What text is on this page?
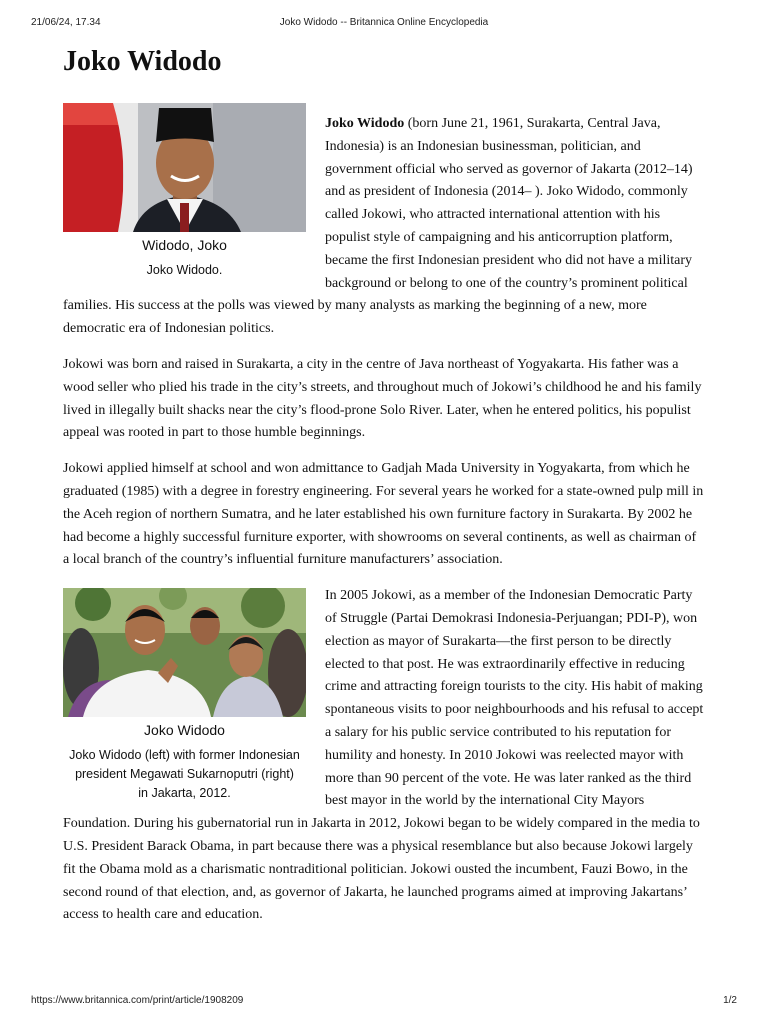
21/06/24, 17.34	Joko Widodo -- Britannica Online Encyclopedia
Joko Widodo
Widodo, Joko
Joko Widodo.

Joko Widodo (born June 21, 1961, Surakarta, Central Java, Indonesia) is an Indonesian businessman, politician, and government official who served as governor of Jakarta (2012–14) and as president of Indonesia (2014– ). Joko Widodo, commonly called Jokowi, who attracted international attention with his populist style of campaigning and his anticorruption platform, became the first Indonesian president who did not have a military background or belong to one of the country’s prominent political families. His success at the polls was viewed by many analysts as marking the beginning of a new, more democratic era of Indonesian politics.

Jokowi was born and raised in Surakarta, a city in the centre of Java northeast of Yogyakarta. His father was a wood seller who plied his trade in the city’s streets, and throughout much of Jokowi’s childhood he and his family lived in illegally built shacks near the city’s flood-prone Solo River. Later, when he entered politics, his populist appeal was rooted in part to those humble beginnings.

Jokowi applied himself at school and won admittance to Gadjah Mada University in Yogyakarta, from which he graduated (1985) with a degree in forestry engineering. For several years he worked for a state-owned pulp mill in the Aceh region of northern Sumatra, and he later established his own furniture factory in Surakarta. By 2002 he had become a highly successful furniture exporter, with showrooms on several continents, as well as chairman of a local branch of the country’s influential furniture manufacturers’ association.

Joko Widodo
Joko Widodo (left) with former Indonesian president Megawati Sukarnoputri (right) in Jakarta, 2012.

In 2005 Jokowi, as a member of the Indonesian Democratic Party of Struggle (Partai Demokrasi Indonesia-Perjuangan; PDI-P), won election as mayor of Surakarta—the first person to be directly elected to that post. He was extraordinarily effective in reducing crime and attracting foreign tourists to the city. His habit of making spontaneous visits to poor neighbourhoods and his refusal to accept a salary for his public service contributed to his reputation for humility and honesty. In 2010 Jokowi was reelected mayor with more than 90 percent of the vote. He was later ranked as the third best mayor in the world by the international City Mayors Foundation. During his gubernatorial run in Jakarta in 2012, Jokowi began to be widely compared in the media to U.S. President Barack Obama, in part because there was a physical resemblance but also because Jokowi largely fit the Obama mold as a charismatic nontraditional politician. Jokowi ousted the incumbent, Fauzi Bowo, in the second round of that election, and, as governor of Jakarta, he launched programs aimed at improving Jakartans’ access to health care and education.

https://www.britannica.com/print/article/1908209	1/2
